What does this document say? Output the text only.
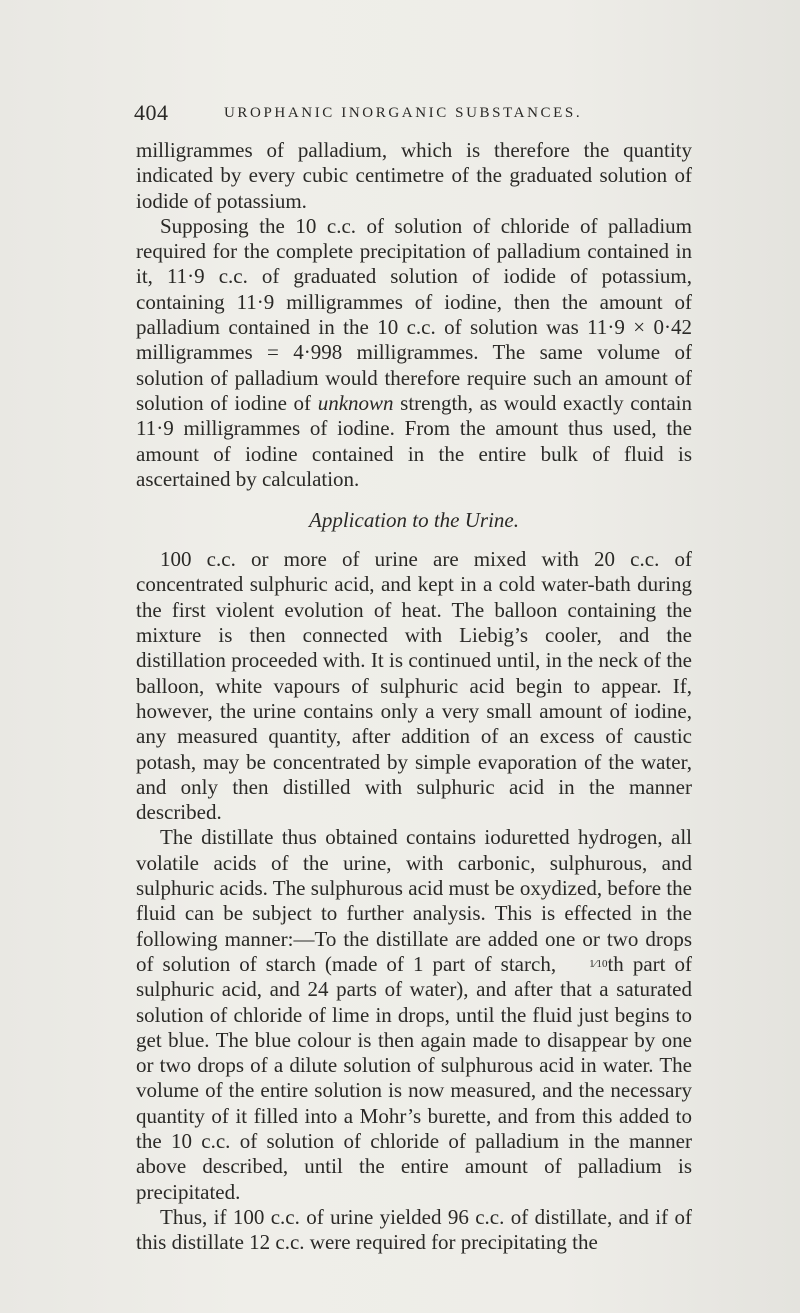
404	UROPHANIC INORGANIC SUBSTANCES.

milligrammes of palladium, which is therefore the quantity indicated by every cubic centimetre of the graduated solution of iodide of potassium.

Supposing the 10 c.c. of solution of chloride of palladium required for the complete precipitation of palladium contained in it, 11·9 c.c. of graduated solution of iodide of potassium, containing 11·9 milligrammes of iodine, then the amount of palladium contained in the 10 c.c. of solution was 11·9 × 0·42 milligrammes = 4·998 milligrammes. The same volume of solution of palladium would therefore require such an amount of solution of iodine of unknown strength, as would exactly contain 11·9 milligrammes of iodine. From the amount thus used, the amount of iodine contained in the entire bulk of fluid is ascertained by calculation.

Application to the Urine.

100 c.c. or more of urine are mixed with 20 c.c. of concentrated sulphuric acid, and kept in a cold water-bath during the first violent evolution of heat. The balloon containing the mixture is then connected with Liebig’s cooler, and the distillation proceeded with. It is continued until, in the neck of the balloon, white vapours of sulphuric acid begin to appear. If, however, the urine contains only a very small amount of iodine, any measured quantity, after addition of an excess of caustic potash, may be concentrated by simple evaporation of the water, and only then distilled with sulphuric acid in the manner described.

The distillate thus obtained contains ioduretted hydrogen, all volatile acids of the urine, with carbonic, sulphurous, and sulphuric acids. The sulphurous acid must be oxydized, before the fluid can be subject to further analysis. This is effected in the following manner:—To the distillate are added one or two drops of solution of starch (made of 1 part of starch,	1⁄10th part of sulphuric acid, and 24 parts of water), and after that a saturated solution of chloride of lime in drops, until the fluid just begins to get blue. The blue colour is then again made to disappear by one or two drops of a dilute solution of sulphurous acid in water. The volume of the entire solution is now measured, and the necessary quantity of it filled into a Mohr’s burette, and from this added to the 10 c.c. of solution of chloride of palladium in the manner above described, until the entire amount of palladium is precipitated.

Thus, if 100 c.c. of urine yielded 96 c.c. of distillate, and if of this distillate 12 c.c. were required for precipitating the
